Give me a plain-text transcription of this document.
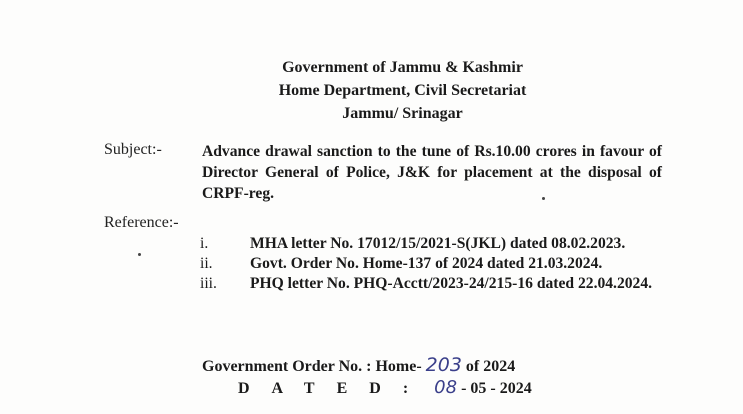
Government of Jammu & Kashmir
Home Department, Civil Secretariat
Jammu/ Srinagar
Subject:-	Advance drawal sanction to the tune of Rs.10.00 crores in favour of Director General of Police, J&K for placement at the disposal of CRPF-reg.
Reference:-
i.	MHA letter No. 17012/15/2021-S(JKL) dated 08.02.2023.
ii.	Govt. Order No. Home-137 of 2024 dated 21.03.2024.
iii.	PHQ letter No. PHQ-Acctt/2023-24/215-16 dated 22.04.2024.
Government Order No. : Home- 203 of 2024
DATED: 08 - 05 - 2024
